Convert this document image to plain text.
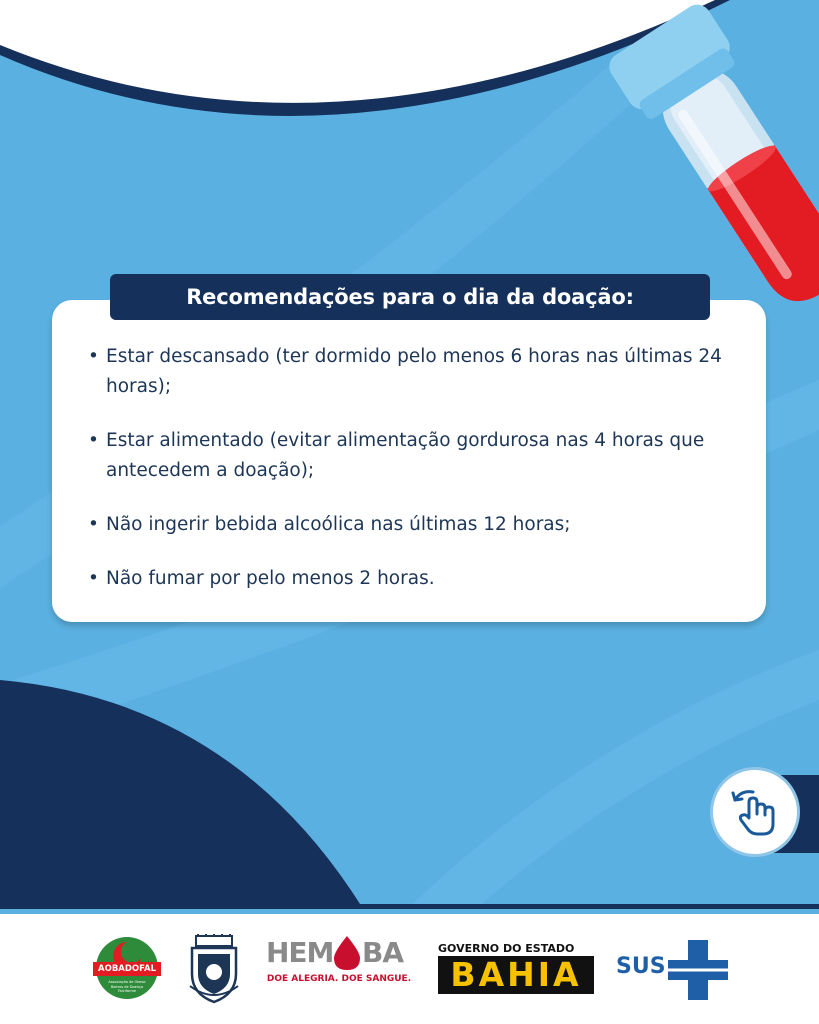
Recomendações para o dia da doação:
• Estar descansado (ter dormido pelo menos 6 horas nas últimas 24 horas);
• Estar alimentado (evitar alimentação gordurosa nas 4 horas que antecedem a doação);
• Não ingerir bebida alcoólica nas últimas 12 horas;
• Não fumar por pelo menos 2 horas.
AOBADOFAL
Associação de Obeso Bairros de Doença Falciforme
HEM BA
DOE ALEGRIA. DOE SANGUE.
GOVERNO DO ESTADO
BAHIA	SUS
